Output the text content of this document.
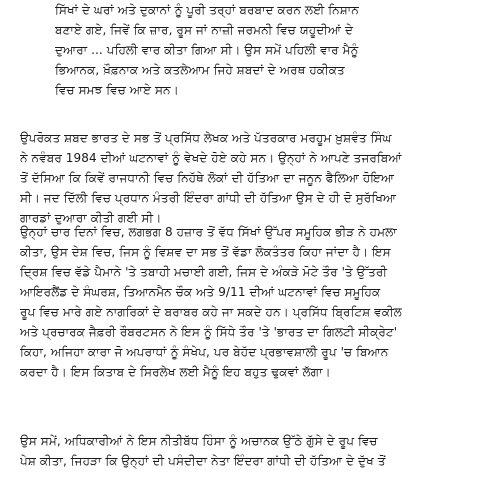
ਸਿੱਖਾਂ ਦੇ ਘਰਾਂ ਅਤੇ ਦੁਕਾਨਾਂ ਨੂੰ ਪੂਰੀ ਤਰ੍ਹਾਂ ਬਰਬਾਦ ਕਰਨ ਲਈ ਨਿਸ਼ਾਨ
ਬਣਾਏ ਗਏ, ਜਿਵੇਂ ਕਿ ਜ਼ਾਰ, ਰੂਸ ਜਾਂ ਨਾਜ਼ੀ ਜਰਮਨੀ ਵਿਚ ਯਹੂਦੀਆਂ ਦੇ
ਦੁਆਰਾ ... ਪਹਿਲੀ ਵਾਰ ਕੀਤਾ ਗਿਆ ਸੀ। ਉਸ ਸਮੇਂ ਪਹਿਲੀ ਵਾਰ ਮੈਨੂੰ
ਭਿਆਨਕ, ਖ਼ੌਫ਼ਨਾਕ ਅਤੇ ਕਤਲੇਆਮ ਜਿਹੇ ਸ਼ਬਦਾਂ ਦੇ ਅਰਥ ਹਕੀਕਤ
ਵਿਚ ਸਮਝ ਵਿਚ ਆਏ ਸਨ।
ਉਪਰੋਕਤ ਸ਼ਬਦ ਭਾਰਤ ਦੇ ਸਭ ਤੋਂ ਪ੍ਰਸਿੱਧ ਲੇਖਕ ਅਤੇ ਪੱਤਰਕਾਰ ਮਰਹੂਮ ਖ਼ੁਸ਼ਵੰਤ ਸਿੰਘ
ਨੇ ਨਵੰਬਰ 1984 ਦੀਆਂ ਘਟਨਾਵਾਂ ਨੂੰ ਵੇਖਦੇ ਹੋਏ ਕਹੇ ਸਨ। ਉਨ੍ਹਾਂ ਨੇ ਆਪਣੇ ਤਜਰਬਿਆਂ
ਤੋਂ ਦੱਸਿਆ ਕਿ ਕਿਵੇਂ ਰਾਜਧਾਨੀ ਵਿਚ ਨਿਹੱਥੇ ਲੋਕਾਂ ਦੀ ਹੱਤਿਆ ਦਾ ਜਨੂਨ ਫੈਲਿਆ ਹੋਇਆ
ਸੀ। ਜਦ ਦਿੱਲੀ ਵਿਚ ਪ੍ਰਧਾਨ ਮੰਤਰੀ ਇੰਦਰਾ ਗਾਂਧੀ ਦੀ ਹੱਤਿਆ ਉਸ ਦੇ ਹੀ ਦੋ ਸੁਰੱਖਿਆ
ਗਾਰਡਾਂ ਦੁਆਰਾ ਕੀਤੀ ਗਈ ਸੀ।
ਉਨ੍ਹਾਂ ਚਾਰ ਦਿਨਾਂ ਵਿਚ, ਲਗਭਗ 8 ਹਜ਼ਾਰ ਤੋਂ ਵੱਧ ਸਿੱਖਾਂ ਉੱਪਰ ਸਮੂਹਿਕ ਭੀੜ ਨੇ ਹਮਲਾ
ਕੀਤਾ, ਉਸ ਦੇਸ਼ ਵਿਚ, ਜਿਸ ਨੂੰ ਵਿਸ਼ਵ ਦਾ ਸਭ ਤੋਂ ਵੱਡਾ ਲੋਕਤੰਤਰ ਕਿਹਾ ਜਾਂਦਾ ਹੈ। ਇਸ
ਦ੍ਰਿਸ਼ ਵਿਚ ਵੱਡੇ ਪੈਮਾਨੇ 'ਤੇ ਤਬਾਹੀ ਮਚਾਈ ਗਈ, ਜਿਸ ਦੇ ਅੰਕੜੇ ਮੋਟੇ ਤੌਰ 'ਤੇ ਉੱਤਰੀ
ਆਇਰਲੈਂਡ ਦੇ ਸੰਘਰਸ਼, ਤਿਆਨਮੈਨ ਚੌਕ ਅਤੇ 9/11 ਦੀਆਂ ਘਟਨਾਵਾਂ ਵਿਚ ਸਮੂਹਿਕ
ਰੂਪ ਵਿਚ ਮਾਰੇ ਗਏ ਨਾਗਰਿਕਾਂ ਦੇ ਬਰਾਬਰ ਕਹੇ ਜਾ ਸਕਦੇ ਹਨ। ਪ੍ਰਸਿੱਧ ਬ੍ਰਿਟਿਸ਼ ਵਕੀਲ
ਅਤੇ ਪ੍ਰਚਾਰਕ ਜੈਫ਼ਰੀ ਰੌਬਰਟਸਨ ਨੇ ਇਸ ਨੂੰ ਸਿੱਧੇ ਤੌਰ 'ਤੇ 'ਭਾਰਤ ਦਾ ਗਿਲਟੀ ਸੀਕ੍ਰੇਟ'
ਕਿਹਾ, ਅਜਿਹਾ ਕਾਰਾ ਜੋ ਅਪਰਾਧਾਂ ਨੂੰ ਸੰਖੇਪ, ਪਰ ਬੇਹੱਦ ਪ੍ਰਭਾਵਸ਼ਾਲੀ ਰੂਪ 'ਚ ਬਿਆਨ
ਕਰਦਾ ਹੈ। ਇਸ ਕਿਤਾਬ ਦੇ ਸਿਰਲੇਖ ਲਈ ਮੈਨੂੰ ਇਹ ਬਹੁਤ ਢੁਕਵਾਂ ਲੱਗਾ।
ਉਸ ਸਮੇਂ, ਅਧਿਕਾਰੀਆਂ ਨੇ ਇਸ ਨੀਤੀਬੱਧ ਹਿੰਸਾ ਨੂੰ ਅਚਾਨਕ ਉੱਠੇ ਗੁੱਸੇ ਦੇ ਰੂਪ ਵਿਚ
ਪੇਸ਼ ਕੀਤਾ, ਜਿਹੜਾ ਕਿ ਉਨ੍ਹਾਂ ਦੀ ਪਸੰਦੀਦਾ ਨੇਤਾ ਇੰਦਰਾ ਗਾਂਧੀ ਦੀ ਹੱਤਿਆ ਦੇ ਦੁੱਖ ਤੋਂ
